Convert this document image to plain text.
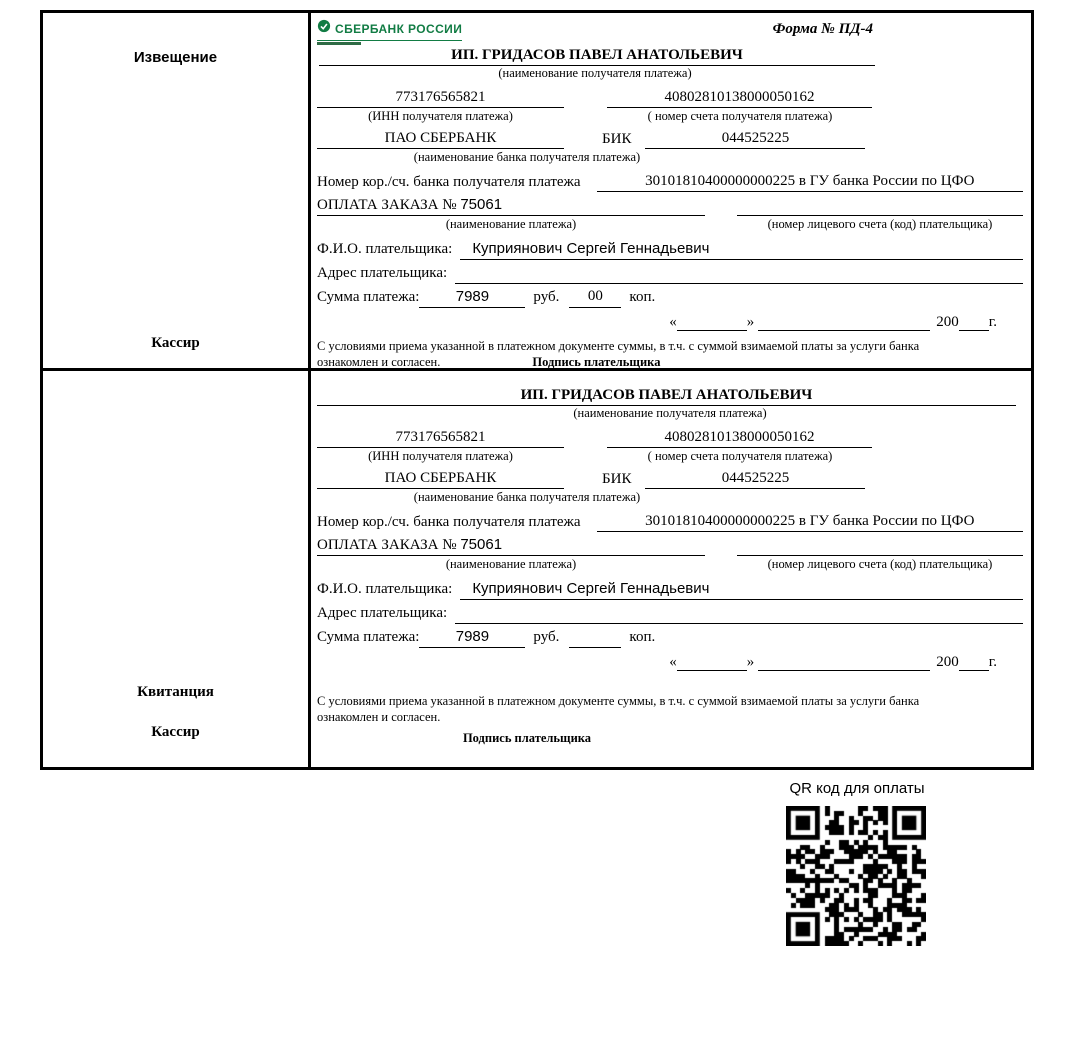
Извещение
Кассир
СБЕРБАНК РОССИИ	Форма № ПД-4
ИП. ГРИДАСОВ ПАВЕЛ АНАТОЛЬЕВИЧ
(наименование получателя платежа)
773176565821	40802810138000050162
(ИНН получателя платежа)	( номер счета получателя платежа)
ПАО СБЕРБАНК	БИК	044525225
(наименование банка получателя платежа)
Номер кор./сч. банка получателя платежа	30101810400000000225 в ГУ банка России по ЦФО
ОПЛАТА ЗАКАЗА № 75061
(наименование платежа)	(номер лицевого счета (код) плательщика)
Ф.И.О. плательщика:	Куприянович Сергей Геннадьевич
Адрес плательщика:
Сумма платежа:	7989	руб.	00	коп.
«	»	200 г.
С условиями приема указанной в платежном документе суммы, в т.ч. с суммой взимаемой платы за услуги банка ознакомлен и согласен.	Подпись плательщика
Квитанция
Кассир
ИП. ГРИДАСОВ ПАВЕЛ АНАТОЛЬЕВИЧ
(наименование получателя платежа)
773176565821	40802810138000050162
(ИНН получателя платежа)	( номер счета получателя платежа)
ПАО СБЕРБАНК	БИК	044525225
(наименование банка получателя платежа)
Номер кор./сч. банка получателя платежа	30101810400000000225 в ГУ банка России по ЦФО
ОПЛАТА ЗАКАЗА № 75061
(наименование платежа)	(номер лицевого счета (код) плательщика)
Ф.И.О. плательщика:	Куприянович Сергей Геннадьевич
Адрес плательщика:
Сумма платежа:	7989	руб.	коп.
«	»	200 г.
С условиями приема указанной в платежном документе суммы, в т.ч. с суммой взимаемой платы за услуги банка ознакомлен и согласен.
Подпись плательщика
QR код для оплаты
